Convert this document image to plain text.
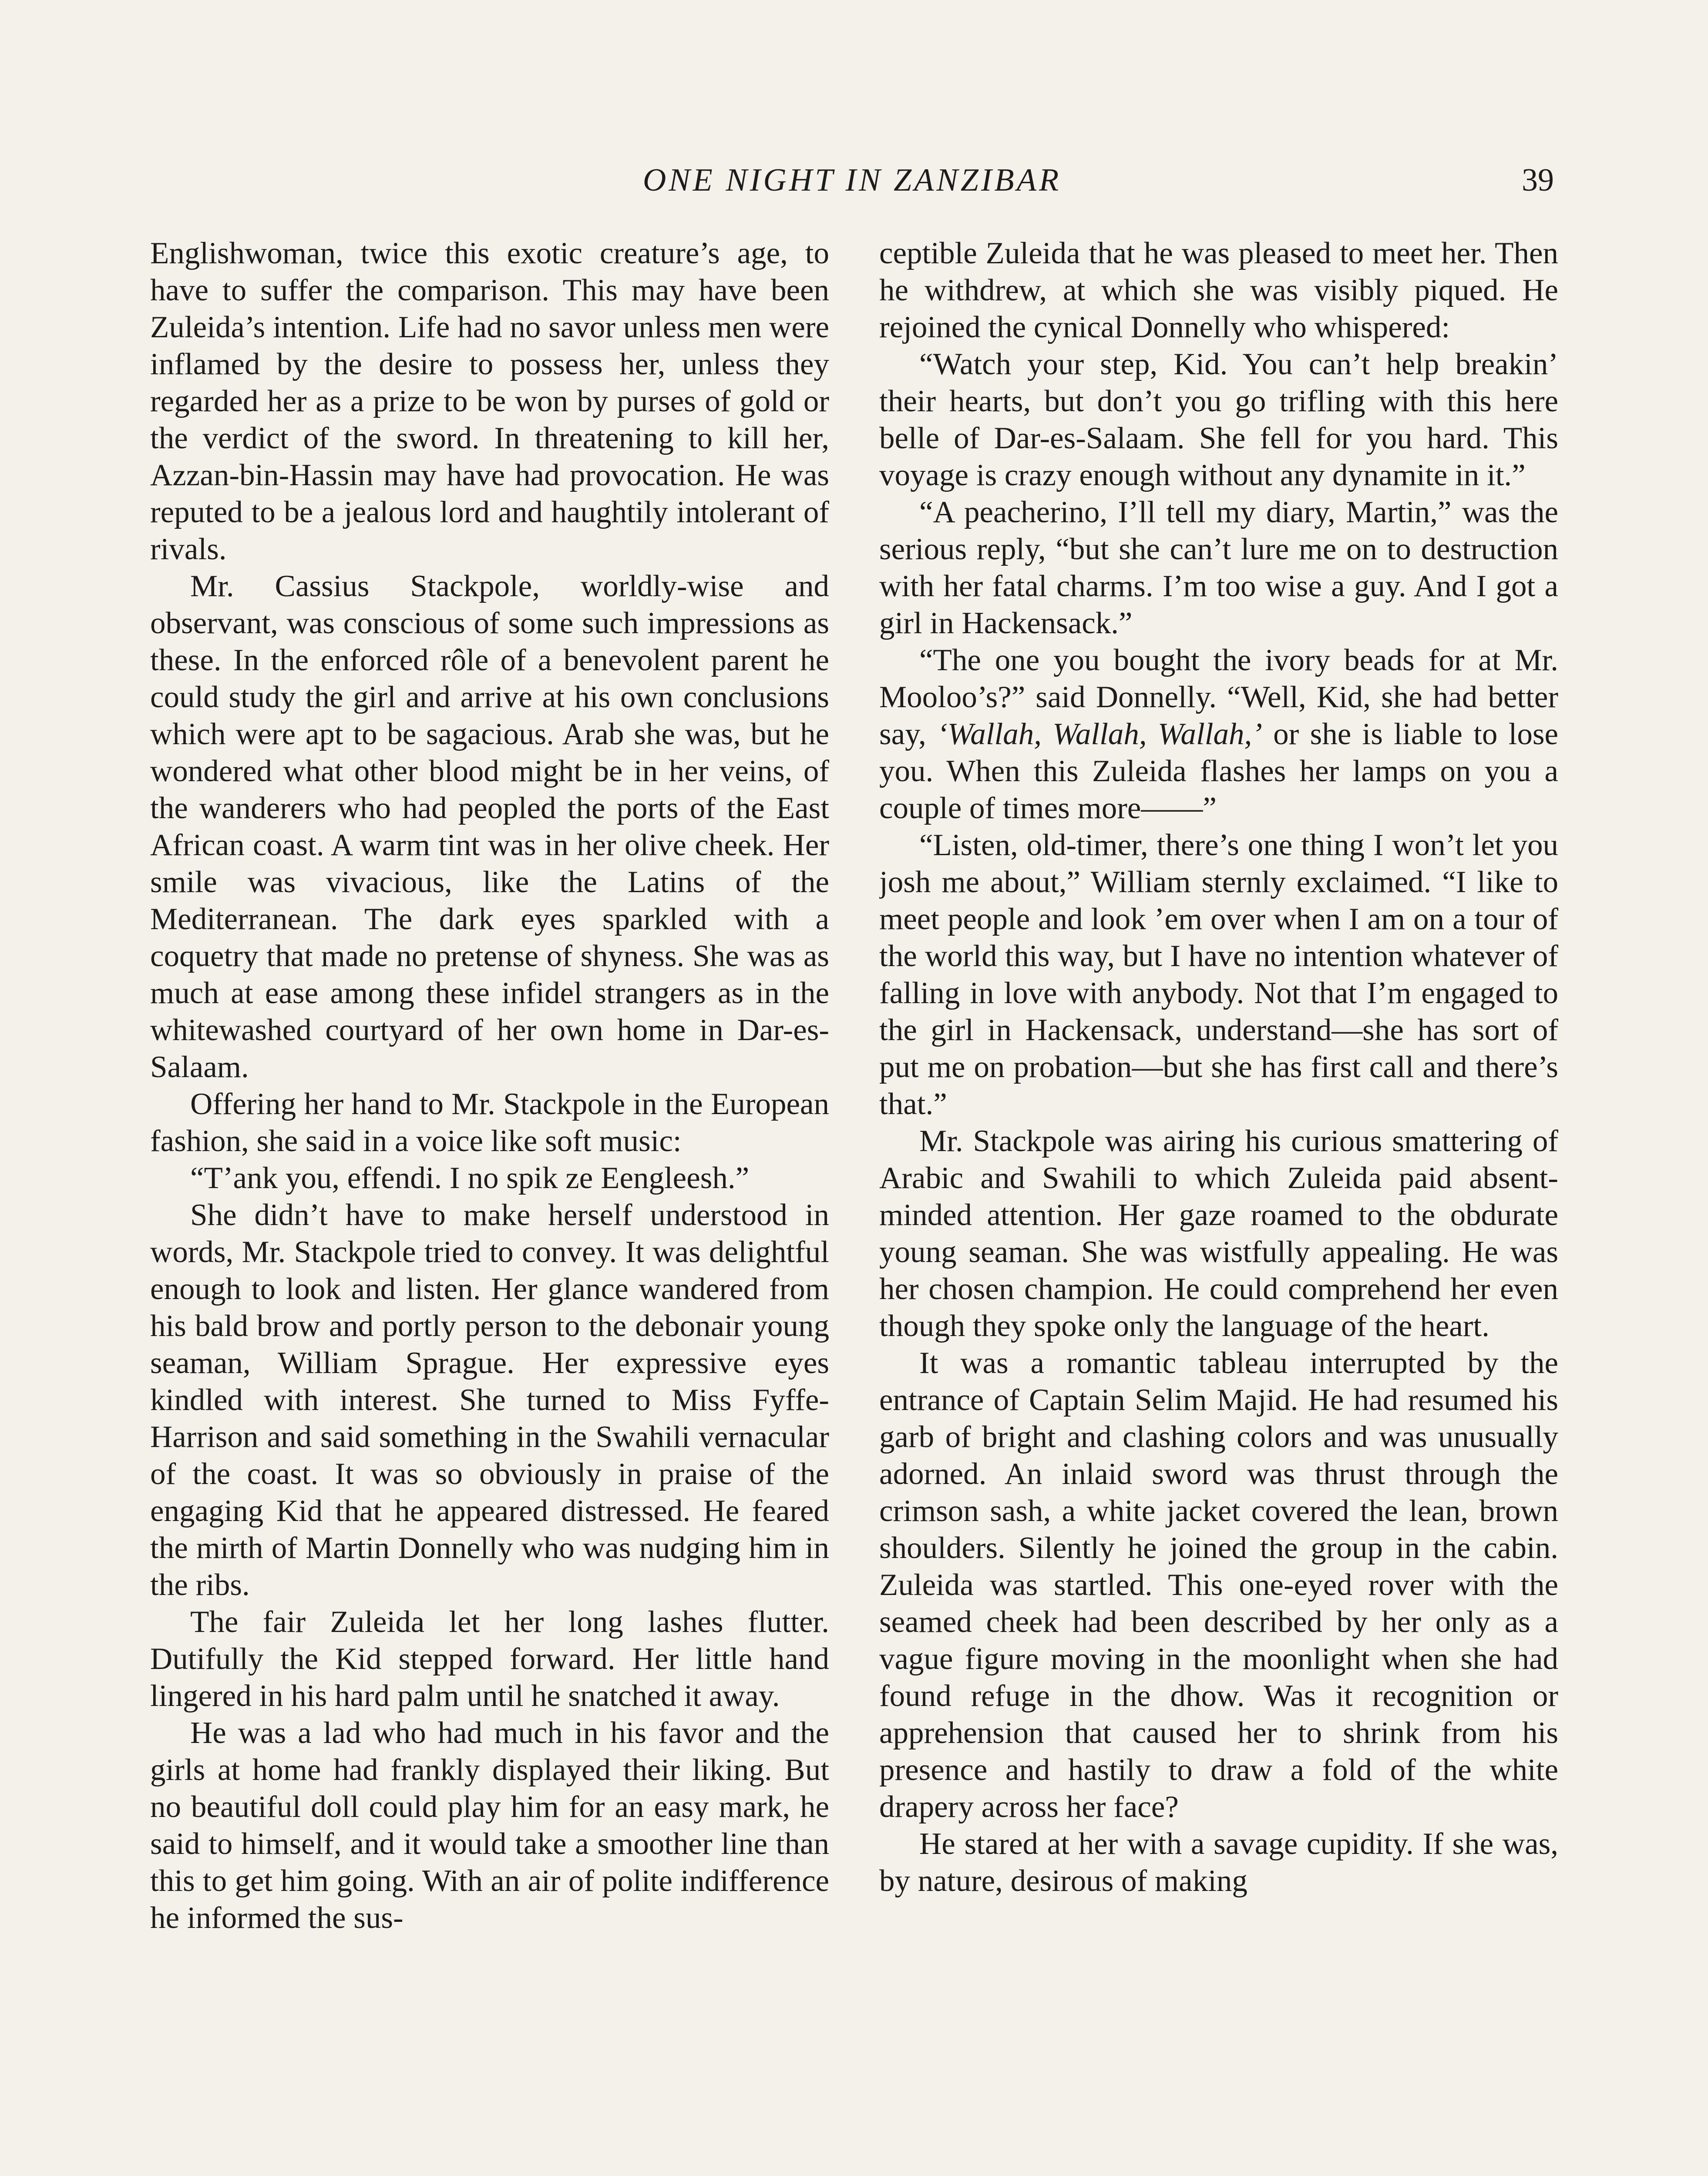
ONE NIGHT IN ZANZIBAR	39

Englishwoman, twice this exotic creature’s age, to have to suffer the comparison. This may have been Zuleida’s intention. Life had no savor unless men were inflamed by the desire to possess her, unless they regarded her as a prize to be won by purses of gold or the verdict of the sword. In threatening to kill her, Azzan-bin-Hassin may have had provocation. He was reputed to be a jealous lord and haughtily intolerant of rivals.

Mr. Cassius Stackpole, worldly-wise and observant, was conscious of some such impressions as these. In the enforced rôle of a benevolent parent he could study the girl and arrive at his own conclusions which were apt to be sagacious. Arab she was, but he wondered what other blood might be in her veins, of the wanderers who had peopled the ports of the East African coast. A warm tint was in her olive cheek. Her smile was vivacious, like the Latins of the Mediterranean. The dark eyes sparkled with a coquetry that made no pretense of shyness. She was as much at ease among these infidel strangers as in the whitewashed courtyard of her own home in Dar-es-Salaam.

Offering her hand to Mr. Stackpole in the European fashion, she said in a voice like soft music:

“T’ank you, effendi. I no spik ze Eengleesh.”

She didn’t have to make herself understood in words, Mr. Stackpole tried to convey. It was delightful enough to look and listen. Her glance wandered from his bald brow and portly person to the debonair young seaman, William Sprague. Her expressive eyes kindled with interest. She turned to Miss Fyffe-Harrison and said something in the Swahili vernacular of the coast. It was so obviously in praise of the engaging Kid that he appeared distressed. He feared the mirth of Martin Donnelly who was nudging him in the ribs.

The fair Zuleida let her long lashes flutter. Dutifully the Kid stepped forward. Her little hand lingered in his hard palm until he snatched it away.

He was a lad who had much in his favor and the girls at home had frankly displayed their liking. But no beautiful doll could play him for an easy mark, he said to himself, and it would take a smoother line than this to get him going. With an air of polite indifference he informed the sus-

ceptible Zuleida that he was pleased to meet her. Then he withdrew, at which she was visibly piqued. He rejoined the cynical Donnelly who whispered:

“Watch your step, Kid. You can’t help breakin’ their hearts, but don’t you go trifling with this here belle of Dar-es-Salaam. She fell for you hard. This voyage is crazy enough without any dynamite in it.”

“A peacherino, I’ll tell my diary, Martin,” was the serious reply, “but she can’t lure me on to destruction with her fatal charms. I’m too wise a guy. And I got a girl in Hackensack.”

“The one you bought the ivory beads for at Mr. Mooloo’s?” said Donnelly. “Well, Kid, she had better say, ‘Wallah, Wallah, Wallah,’ or she is liable to lose you. When this Zuleida flashes her lamps on you a couple of times more——”

“Listen, old-timer, there’s one thing I won’t let you josh me about,” William sternly exclaimed. “I like to meet people and look ’em over when I am on a tour of the world this way, but I have no intention whatever of falling in love with anybody. Not that I’m engaged to the girl in Hackensack, understand—she has sort of put me on probation—but she has first call and there’s that.”

Mr. Stackpole was airing his curious smattering of Arabic and Swahili to which Zuleida paid absent-minded attention. Her gaze roamed to the obdurate young seaman. She was wistfully appealing. He was her chosen champion. He could comprehend her even though they spoke only the language of the heart.

It was a romantic tableau interrupted by the entrance of Captain Selim Majid. He had resumed his garb of bright and clashing colors and was unusually adorned. An inlaid sword was thrust through the crimson sash, a white jacket covered the lean, brown shoulders. Silently he joined the group in the cabin. Zuleida was startled. This one-eyed rover with the seamed cheek had been described by her only as a vague figure moving in the moonlight when she had found refuge in the dhow. Was it recognition or apprehension that caused her to shrink from his presence and hastily to draw a fold of the white drapery across her face?

He stared at her with a savage cupidity. If she was, by nature, desirous of making
